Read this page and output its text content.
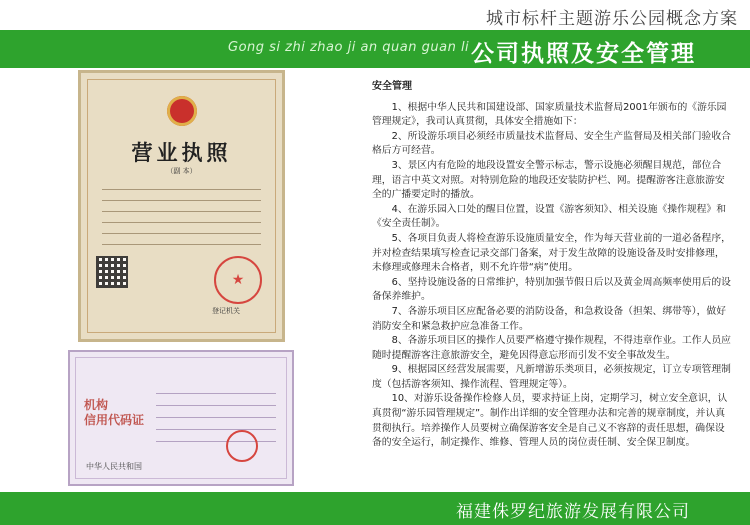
城市标杆主题游乐公园概念方案
Gong si zhi zhao ji an quan guan li 公司执照及安全管理
营业执照
（副 本）
★
登记机关
机构
信用代码证
中华人民共和国
安全管理

1、根据中华人民共和国建设部、国家质量技术监督局2001年颁布的《游乐园管理规定》，我司认真贯彻，具体安全措施如下：

2、所设游乐项目必须经市质量技术监督局、安全生产监督局及相关部门验收合格后方可经营。

3、景区内有危险的地段设置安全警示标志，警示设施必须醒目规范，部位合理，语言中英文对照。对特别危险的地段还安装防护栏、网。提醒游客注意旅游安全的广播要定时的播放。

4、在游乐园入口处的醒目位置，设置《游客须知》、相关设施《操作规程》和《安全责任制》。

5、各项目负责人将检查游乐设施质量安全，作为每天营业前的一道必备程序，并对检查结果填写检查记录交部门备案，对于发生故障的设施设备及时安排修理，未修理或修理未合格者，则不允许带“病”使用。

6、坚持设施设备的日常维护，特别加强节假日后以及黄金周高频率使用后的设备保养维护。

7、各游乐项目区应配备必要的消防设备，和急救设备（担架、绑带等），做好消防安全和紧急救护应急准备工作。

8、各游乐项目区的操作人员要严格遵守操作规程，不得违章作业。工作人员应随时提醒游客注意旅游安全，避免因得意忘形而引发不安全事故发生。

9、根据园区经营发展需要，凡新增游乐类项目，必须按规定，订立专项管理制度（包括游客须知、操作流程、管理规定等）。

10、对游乐设备操作检修人员，要求持证上岗，定期学习，树立安全意识，认真贯彻“游乐园管理规定”。制作出详细的安全管理办法和完善的规章制度，并认真贯彻执行。培养操作人员要树立确保游客安全是自己义不容辞的责任思想，确保设备的安全运行，制定操作、维修、管理人员的岗位责任制、安全保卫制度。

福建侏罗纪旅游发展有限公司
